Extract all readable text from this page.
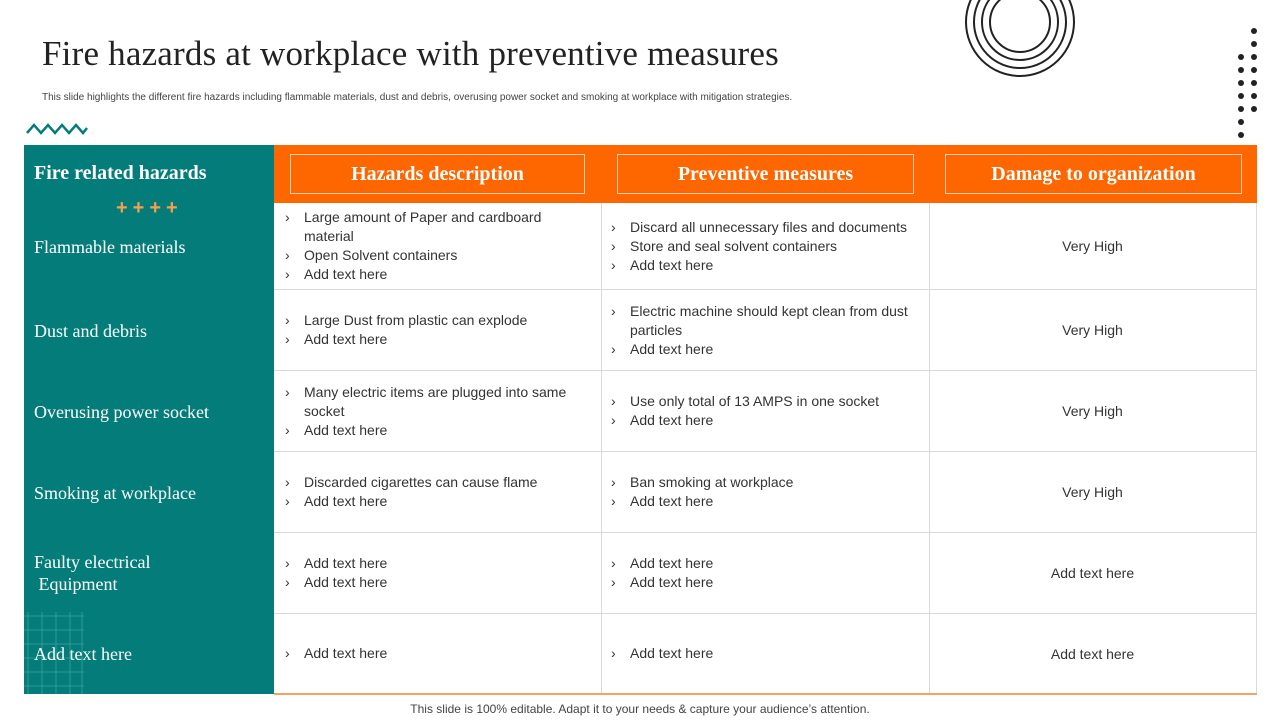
Fire hazards at workplace with preventive measures

This slide highlights the different fire hazards including flammable materials, dust and debris, overusing power socket and smoking at workplace with mitigation strategies.

Fire related hazards
++++
Flammable materials
Dust and debris
Overusing power socket
Smoking at workplace
Faulty electrical
Equipment
Add text here
Hazards description	Preventive measures	Damage to organization
› Large amount of Paper and cardboard material
› Open Solvent containers
› Add text here
› Discard all unnecessary files and documents
› Store and seal solvent containers
› Add text here
Very High
› Large Dust from plastic can explode
› Add text here
› Electric machine should kept clean from dust particles
› Add text here
Very High
› Many electric items are plugged into same socket
› Add text here
› Use only total of 13 AMPS in one socket
› Add text here
Very High
› Discarded cigarettes can cause flame
› Add text here
› Ban smoking at workplace
› Add text here
Very High
› Add text here
› Add text here
› Add text here
› Add text here
Add text here
› Add text here
›	Add text here	Add text here
This slide is 100% editable. Adapt it to your needs & capture your audience’s attention.
